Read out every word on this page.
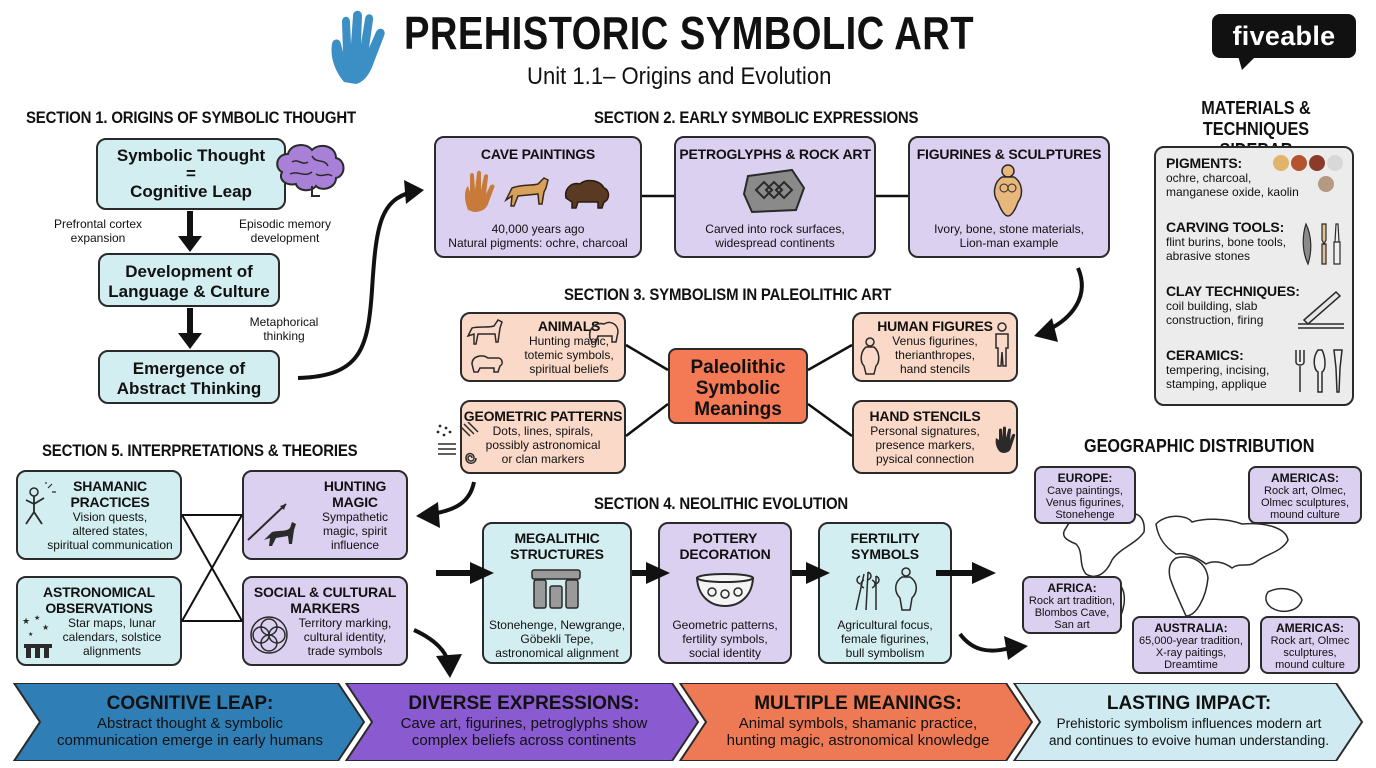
PREHISTORIC SYMBOLIC ART
Unit 1.1– Origins and Evolution
fiveable
SECTION 1. ORIGINS OF SYMBOLIC THOUGHT
Symbolic Thought
=
Cognitive Leap
Prefrontal cortex
expansion
Episodic memory
development
Development of
Language & Culture
Metaphorical
thinking
Emergence of
Abstract Thinking
SECTION 2. EARLY SYMBOLIC EXPRESSIONS
CAVE PAINTINGS
40,000 years ago
Natural pigments: ochre, charcoal
PETROGLYPHS & ROCK ART
Carved into rock surfaces,
widespread continents
FIGURINES & SCULPTURES
Ivory, bone, stone materials,
Lion-man example
SECTION 3. SYMBOLISM IN PALEOLITHIC ART
Paleolithic
Symbolic
Meanings
ANIMALS
Hunting magic,
totemic symbols,
spiritual beliefs
HUMAN FIGURES
Venus figurines,
therianthropes,
hand stencils
GEOMETRIC PATTERNS
Dots, lines, spirals,
possibly astronomical
or clan markers
HAND STENCILS
Personal signatures,
presence markers,
pysical connection
SECTION 4. NEOLITHIC EVOLUTION
MEGALITHIC
STRUCTURES
Stonehenge, Newgrange,
Göbekli Tepe,
astronomical alignment
POTTERY
DECORATION
Geometric patterns,
fertility symbols,
social identity
FERTILITY
SYMBOLS
Agricultural focus,
female figurines,
bull symbolism
SECTION 5. INTERPRETATIONS & THEORIES
SHAMANIC
PRACTICES
Vision quests,
altered states,
spiritual communication
HUNTING
MAGIC
Sympathetic
magic, spirit
influence
ASTRONOMICAL
OBSERVATIONS
Star maps, lunar
calendars, solstice
alignments
★ ★
★
★
SOCIAL & CULTURAL
MARKERS
Territory marking,
cultural identity,
trade symbols
MATERIALS & TECHNIQUES
PIGMENTS:
ochre, charcoal,
manganese oxide, kaolin
CARVING TOOLS:
flint burins, bone tools,
abrasive stones
CLAY TECHNIQUES:
coil building, slab
construction, firing
CERAMICS:
tempering, incising,
stamping, applique
GEOGRAPHIC DISTRIBUTION
EUROPE:
Cave paintings,
Venus figurines,
Stonehenge
AMERICAS:
Rock art, Olmec,
Olmec sculptures,
mound culture
AFRICA:
Rock art tradition,
Blombos Cave,
San art	AUSTRALIA:
65,000-year tradition,
X-ray paitings,
Dreamtime
AMERICAS:
Rock art, Olmec
sculptures,
mound culture
COGNITIVE LEAP:
Abstract thought & symbolic
communication emerge in early humans
DIVERSE EXPRESSIONS:
Cave art, figurines, petroglyphs show
complex beliefs across continents
MULTIPLE MEANINGS:
Animal symbols, shamanic practice,
hunting magic, astronomical knowledge
LASTING IMPACT:
Prehistoric symbolism influences modern art
and continues to evoive human understanding.
